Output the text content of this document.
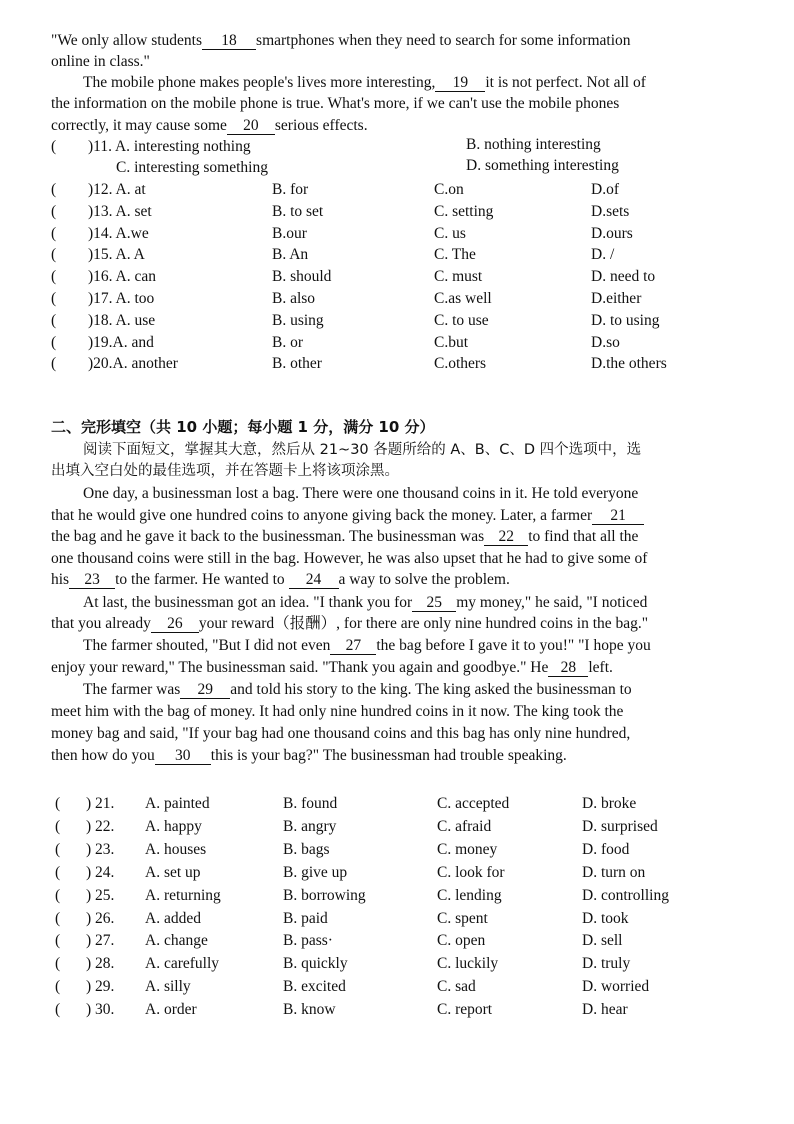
"We only allow students 18 smartphones when they need to search for some information
online in class."
The mobile phone makes people's lives more interesting, 19 it is not perfect. Not all of
the information on the mobile phone is true. What's more, if we can't use the mobile phones
correctly, it may cause some 20 serious effects.
( )11. A. interesting nothing	B. nothing interesting
C. interesting something	D. something interesting
( )12. A. at	B. for	C.on	D.of
( )13. A. set	B. to set	C. setting	D.sets
( )14. A.we	B.our	C. us	D.ours
( )15. A. A	B. An	C. The	D. /
( )16. A. can	B. should	C. must	D. need to
( )17. A. too	B. also	C.as well	D.either
( )18. A. use	B. using	C. to use	D. to using
( )19.A. and	B. or	C.but	D.so
( )20.A. another	B. other	C.others	D.the others
二、完形填空（共 10 小题；每小题 1 分，满分 10 分）
阅读下面短文，掌握其大意，然后从 21~30 各题所给的 A、B、C、D 四个选项中，选
出填入空白处的最佳选项，并在答题卡上将该项涂黑。
One day, a businessman lost a bag. There were one thousand coins in it. He told everyone
that he would give one hundred coins to anyone giving back the money. Later, a farmer 21
the bag and he gave it back to the businessman. The businessman was 22 to find that all the
one thousand coins were still in the bag. However, he was also upset that he had to give some of
his 23 to the farmer. He wanted to 24 a way to solve the problem.
At last, the businessman got an idea. "I thank you for 25 my money," he said, "I noticed
that you already 26 your reward（报酬）, for there are only nine hundred coins in the bag."
The farmer shouted, "But I did not even 27 the bag before I gave it to you!" "I hope you
enjoy your reward," The businessman said. "Thank you again and goodbye." He 28 left.
The farmer was 29 and told his story to the king. The king asked the businessman to
meet him with the bag of money. It had only nine hundred coins in it now. The king took the
money bag and said, "If your bag had one thousand coins and this bag has only nine hundred,
then how do you 30 this is your bag?" The businessman had trouble speaking.
( ) 21. A. painted	B. found	C. accepted	D. broke
( ) 22. A. happy	B. angry	C. afraid	D. surprised
( ) 23. A. houses	B. bags	C. money	D. food
( ) 24. A. set up	B. give up	C. look for	D. turn on
( ) 25. A. returning	B. borrowing	C. lending	D. controlling
( ) 26. A. added	B. paid	C. spent	D. took
( ) 27. A. change	B. pass·	C. open	D. sell
( ) 28. A. carefully	B. quickly	C. luckily	D. truly
( ) 29. A. silly	B. excited	C. sad	D. worried
( ) 30. A. order	B. know	C. report	D. hear
